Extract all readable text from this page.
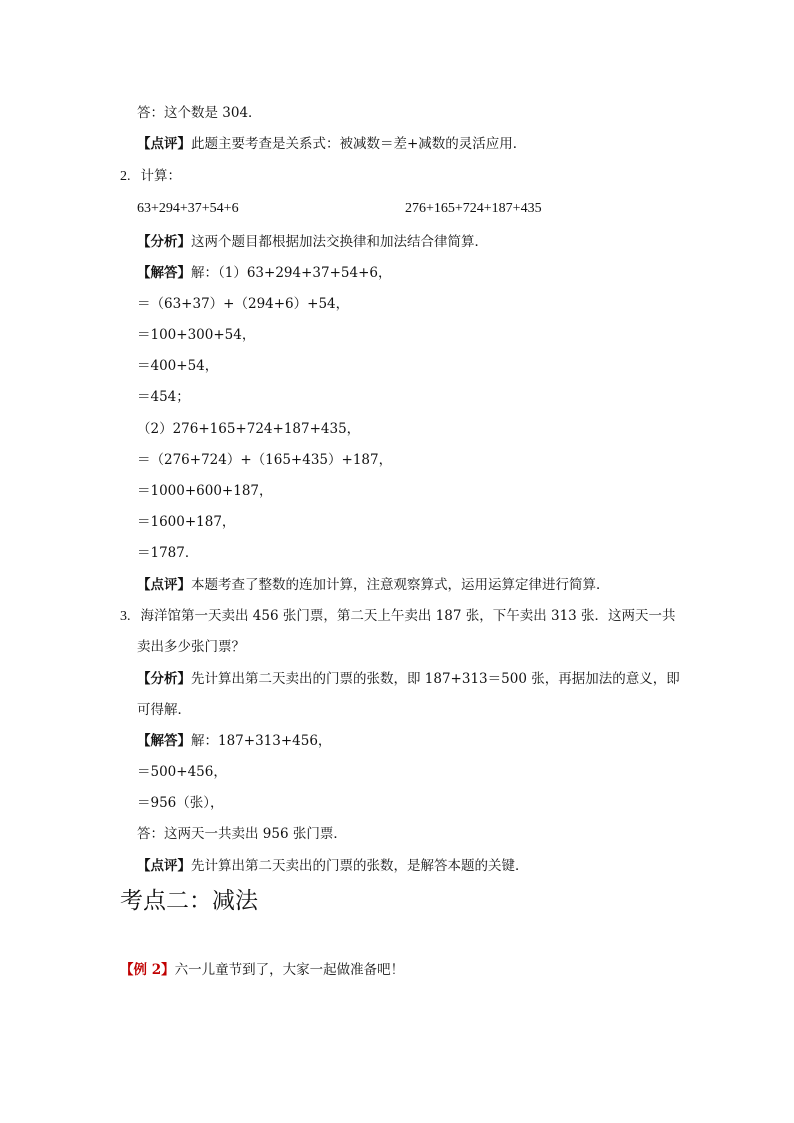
答：这个数是 304．
【点评】此题主要考查是关系式：被减数＝差+减数的灵活应用．
2. 计算：
63+294+37+54+6	276+165+724+187+435
【分析】这两个题目都根据加法交换律和加法结合律简算．
【解答】解：（1）63+294+37+54+6，
＝（63+37）+（294+6）+54，
＝100+300+54，
＝400+54，
＝454；
（2）276+165+724+187+435，
＝（276+724）+（165+435）+187，
＝1000+600+187，
＝1600+187，
＝1787．
【点评】本题考查了整数的连加计算，注意观察算式，运用运算定律进行简算．
3. 海洋馆第一天卖出 456 张门票，第二天上午卖出 187 张，下午卖出 313 张．这两天一共
卖出多少张门票？
【分析】先计算出第二天卖出的门票的张数，即 187+313＝500 张，再据加法的意义，即
可得解．
【解答】解：187+313+456，
＝500+456，
＝956（张），
答：这两天一共卖出 956 张门票．
【点评】先计算出第二天卖出的门票的张数，是解答本题的关键．
考点二：减法
【例 2】六一儿童节到了，大家一起做准备吧！
